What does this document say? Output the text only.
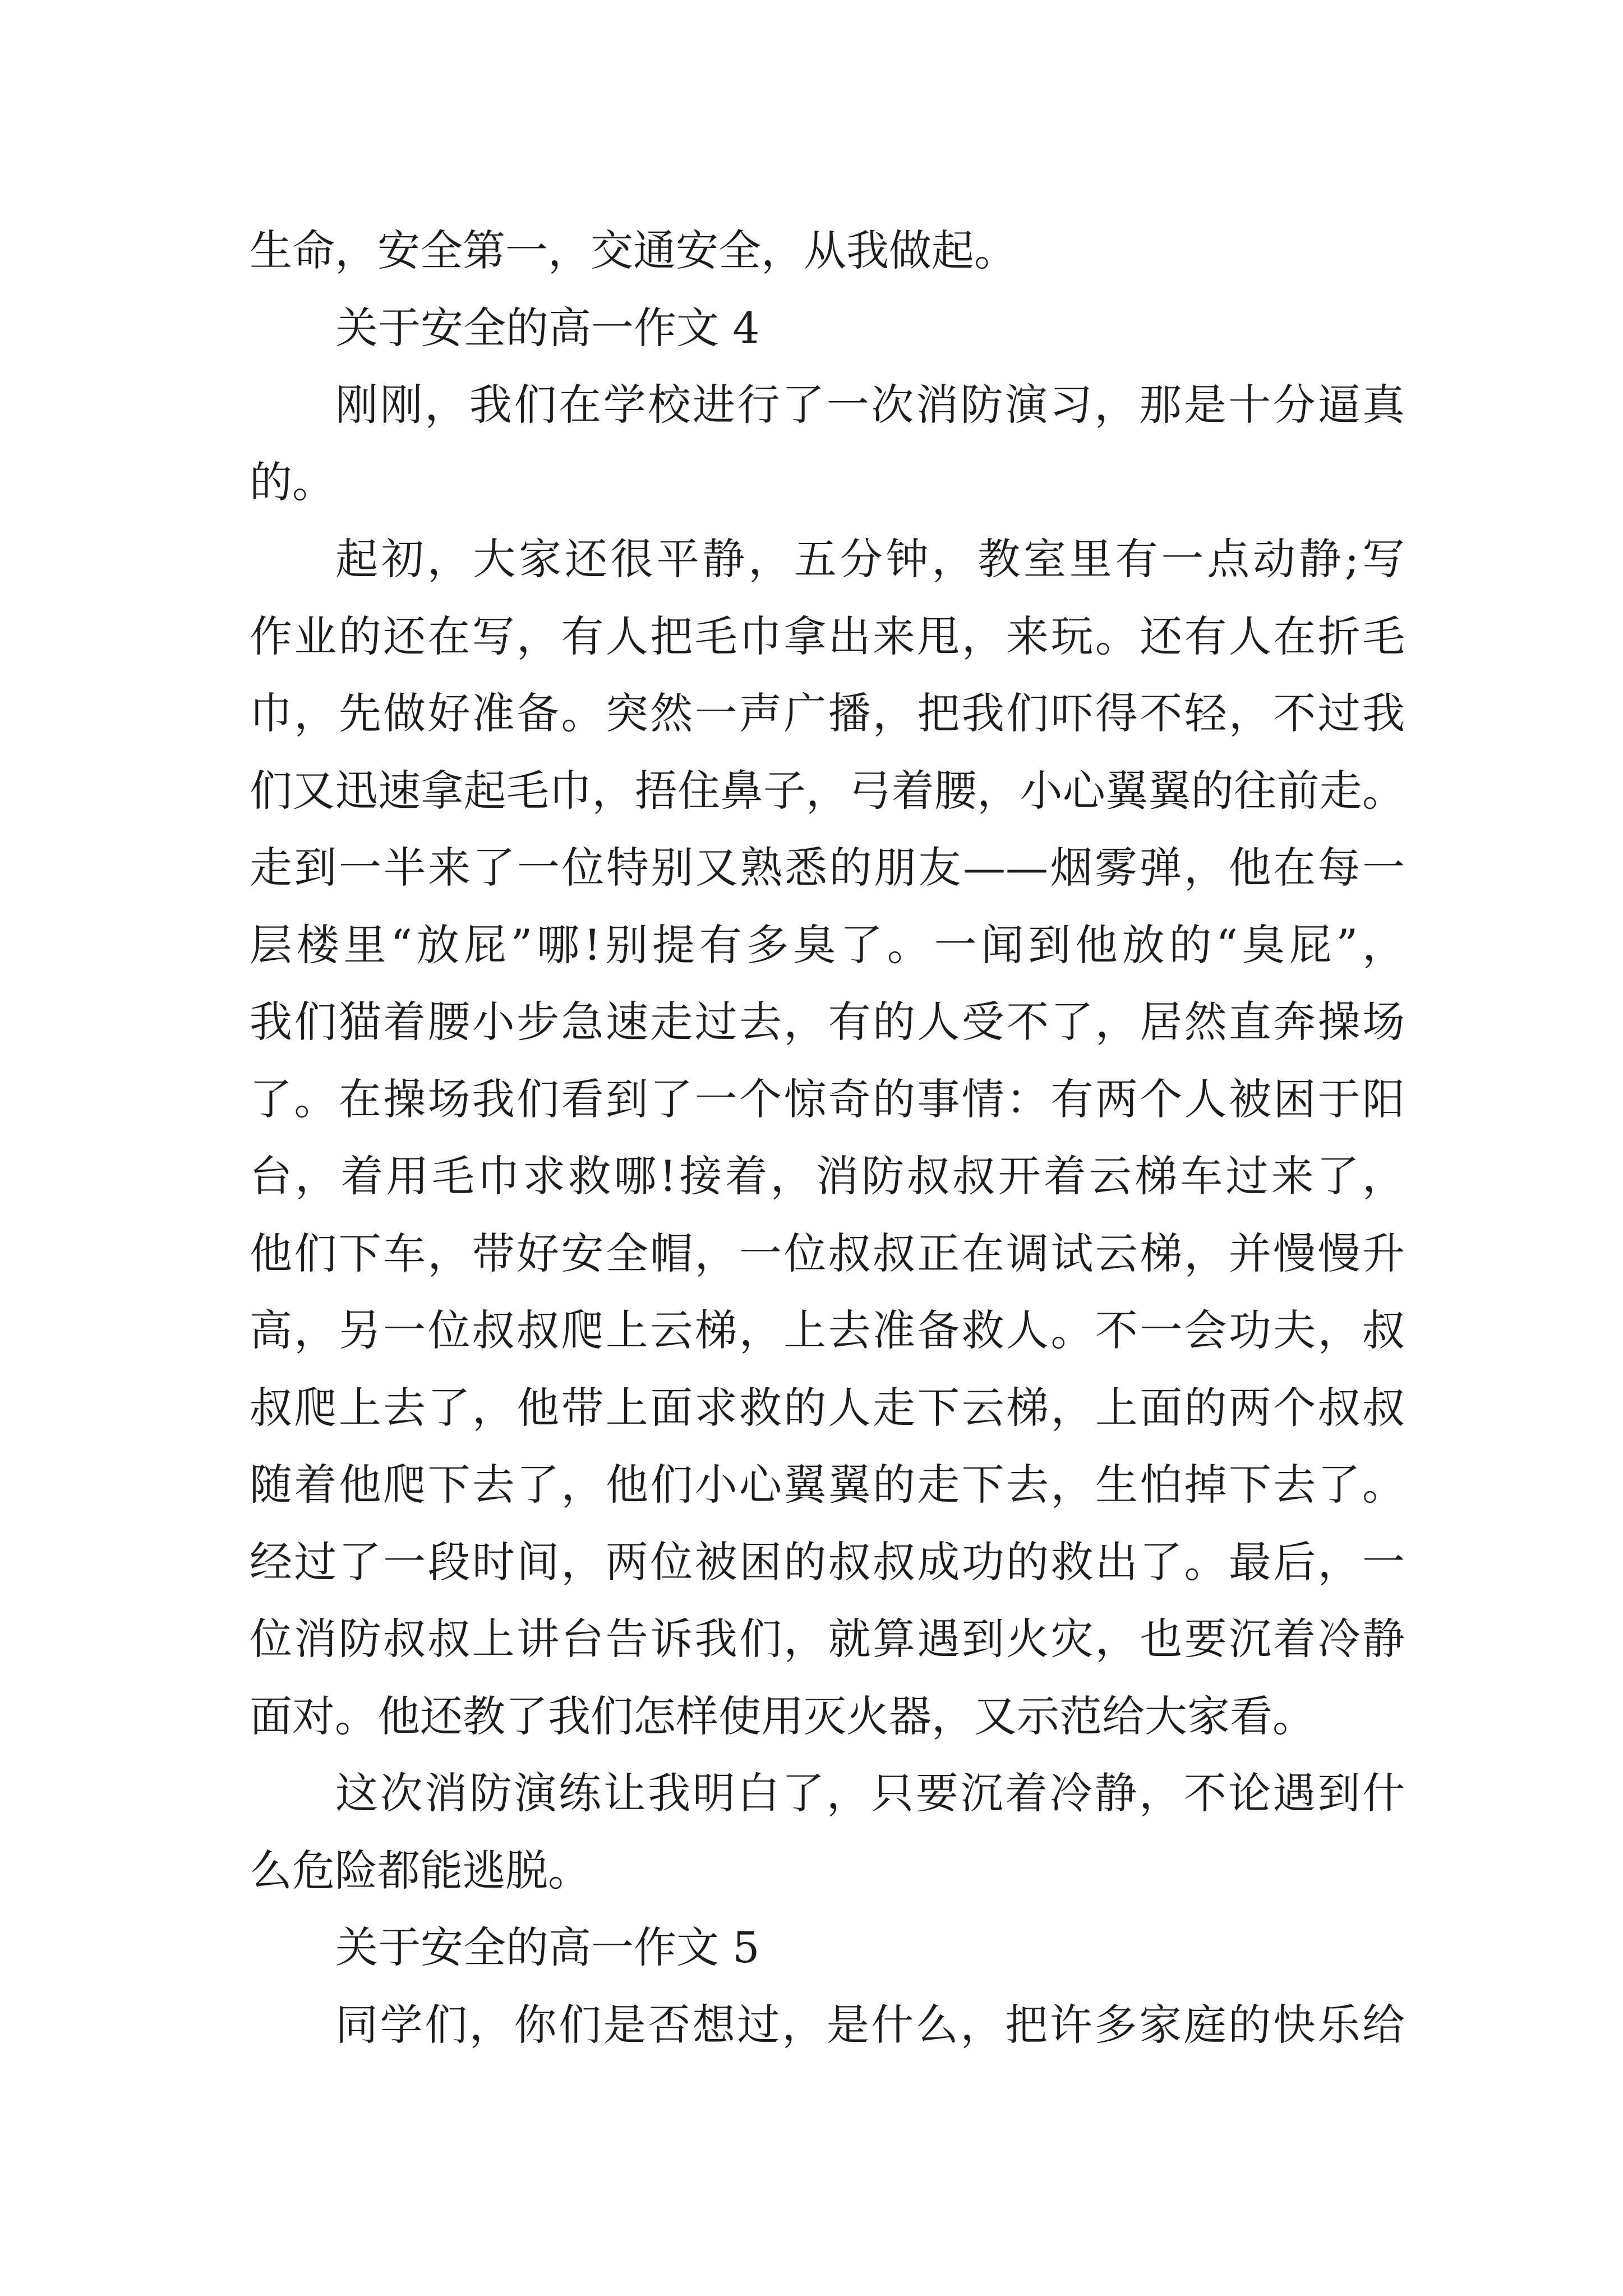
生命，安全第一，交通安全，从我做起。
关于安全的高一作文 4
刚刚，我们在学校进行了一次消防演习，那是十分逼真
的。
起初，大家还很平静，五分钟，教室里有一点动静;写
作业的还在写，有人把毛巾拿出来甩，来玩。还有人在折毛
巾，先做好准备。突然一声广播，把我们吓得不轻，不过我
们又迅速拿起毛巾，捂住鼻子，弓着腰，小心翼翼的往前走。
走到一半来了一位特别又熟悉的朋友——烟雾弹，他在每一
层楼里“放屁”哪!别提有多臭了。一闻到他放的“臭屁”，
我们猫着腰小步急速走过去，有的人受不了，居然直奔操场
了。在操场我们看到了一个惊奇的事情：有两个人被困于阳
台，着用毛巾求救哪!接着，消防叔叔开着云梯车过来了，
他们下车，带好安全帽，一位叔叔正在调试云梯，并慢慢升
高，另一位叔叔爬上云梯，上去准备救人。不一会功夫，叔
叔爬上去了，他带上面求救的人走下云梯，上面的两个叔叔
随着他爬下去了，他们小心翼翼的走下去，生怕掉下去了。
经过了一段时间，两位被困的叔叔成功的救出了。最后，一
位消防叔叔上讲台告诉我们，就算遇到火灾，也要沉着冷静
面对。他还教了我们怎样使用灭火器，又示范给大家看。
这次消防演练让我明白了，只要沉着冷静，不论遇到什
么危险都能逃脱。
关于安全的高一作文 5
同学们，你们是否想过，是什么，把许多家庭的快乐给
